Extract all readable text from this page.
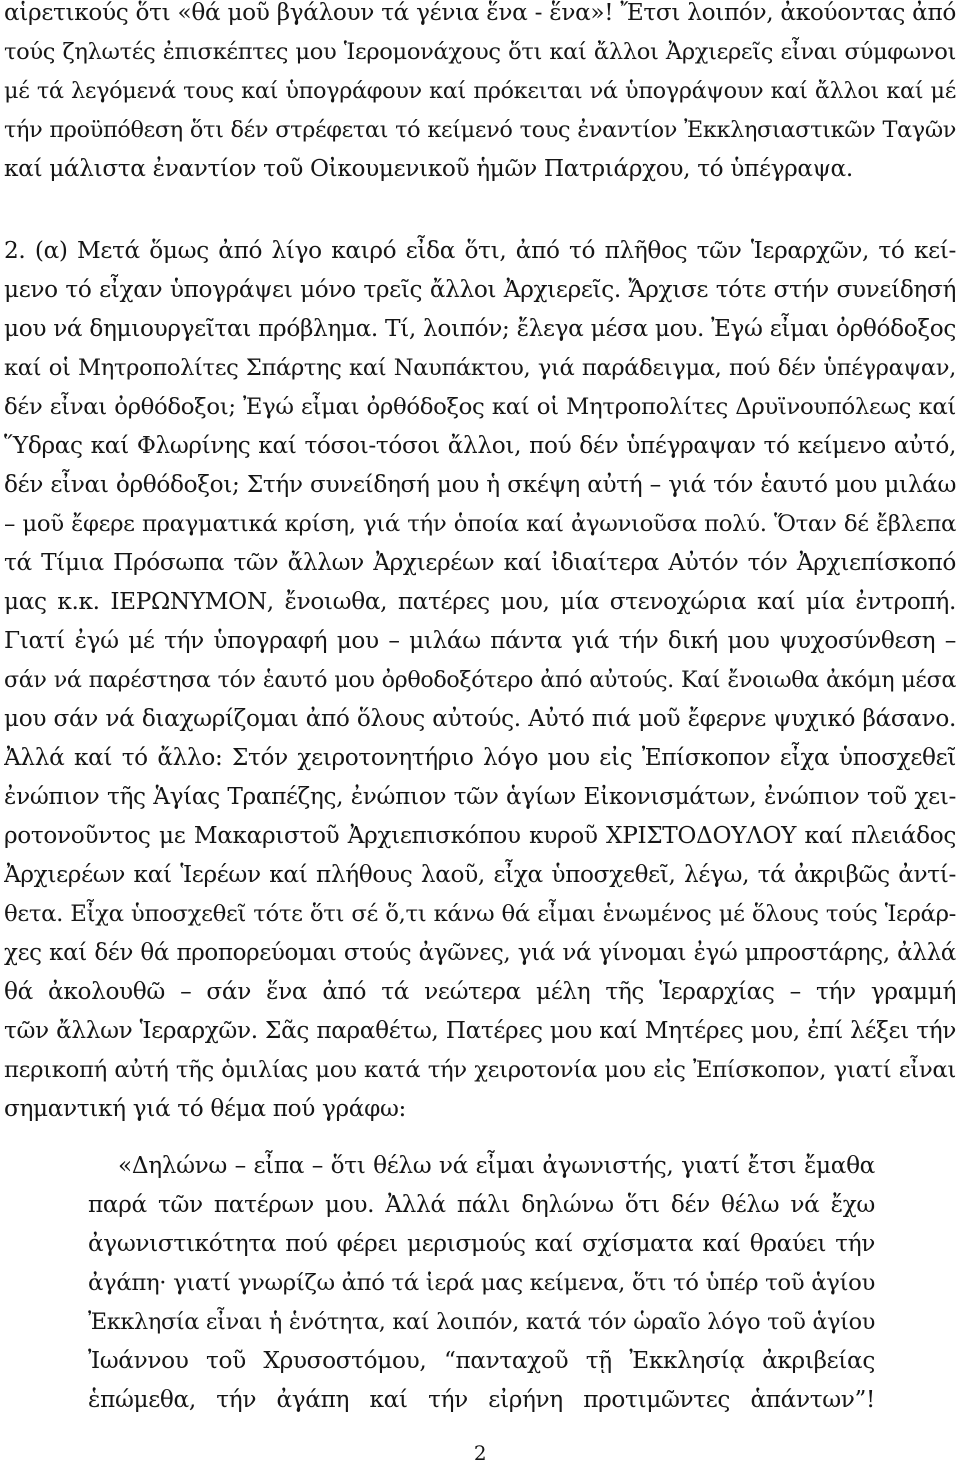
αἱρετικούς ὅτι «θά μοῦ βγάλουν τά γένια ἕνα - ἕνα»! Ἔτσι λοιπόν, ἀκούοντας ἀπό
τούς ζηλωτές ἐπισκέπτες μου Ἱερομονάχους ὅτι καί ἄλλοι Ἀρχιερεῖς εἶναι σύμφωνοι
μέ τά λεγόμενά τους καί ὑπογράφουν καί πρόκειται νά ὑπογράψουν καί ἄλλοι καί μέ
τήν προϋπόθεση ὅτι δέν στρέφεται τό κείμενό τους ἐναντίον Ἐκκλησιαστικῶν Ταγῶν
καί μάλιστα ἐναντίον τοῦ Οἰκουμενικοῦ ἡμῶν Πατριάρχου, τό ὑπέγραψα.
2. (α) Μετά ὅμως ἀπό λίγο καιρό εἶδα ὅτι, ἀπό τό πλῆθος τῶν Ἱεραρχῶν, τό κεί-
μενο τό εἶχαν ὑπογράψει μόνο τρεῖς ἄλλοι Ἀρχιερεῖς. Ἄρχισε τότε στήν συνείδησή
μου νά δημιουργεῖται πρόβλημα. Τί, λοιπόν; ἔλεγα μέσα μου. Ἐγώ εἶμαι ὀρθόδοξος
καί οἱ Μητροπολίτες Σπάρτης καί Ναυπάκτου, γιά παράδειγμα, πού δέν ὑπέγραψαν,
δέν εἶναι ὀρθόδοξοι; Ἐγώ εἶμαι ὀρθόδοξος καί οἱ Μητροπολίτες Δρυϊνουπόλεως καί
Ὕδρας καί Φλωρίνης καί τόσοι-τόσοι ἄλλοι, πού δέν ὑπέγραψαν τό κείμενο αὐτό,
δέν εἶναι ὀρθόδοξοι; Στήν συνείδησή μου ἡ σκέψη αὐτή – γιά τόν ἑαυτό μου μιλάω
– μοῦ ἔφερε πραγματικά κρίση, γιά τήν ὁποία καί ἀγωνιοῦσα πολύ. Ὅταν δέ ἔβλεπα
τά Τίμια Πρόσωπα τῶν ἄλλων Ἀρχιερέων καί ἰδιαίτερα Αὐτόν τόν Ἀρχιεπίσκοπό
μας κ.κ. ΙΕΡΩΝΥΜΟΝ, ἔνοιωθα, πατέρες μου, μία στενοχώρια καί μία ἐντροπή.
Γιατί ἐγώ μέ τήν ὑπογραφή μου – μιλάω πάντα γιά τήν δική μου ψυχοσύνθεση –
σάν νά παρέστησα τόν ἑαυτό μου ὀρθοδοξότερο ἀπό αὐτούς. Καί ἔνοιωθα ἀκόμη μέσα
μου σάν νά διαχωρίζομαι ἀπό ὅλους αὐτούς. Αὐτό πιά μοῦ ἔφερνε ψυχικό βάσανο.
Ἀλλά καί τό ἄλλο: Στόν χειροτονητήριο λόγο μου εἰς Ἐπίσκοπον εἶχα ὑποσχεθεῖ
ἐνώπιον τῆς Ἁγίας Τραπέζης, ἐνώπιον τῶν ἁγίων Εἰκονισμάτων, ἐνώπιον τοῦ χει-
ροτονοῦντος με Μακαριστοῦ Ἀρχιεπισκόπου κυροῦ ΧΡΙΣΤΟΔΟΥΛΟΥ καί πλειάδος
Ἀρχιερέων καί Ἱερέων καί πλήθους λαοῦ, εἶχα ὑποσχεθεῖ, λέγω, τά ἀκριβῶς ἀντί-
θετα. Εἶχα ὑποσχεθεῖ τότε ὅτι σέ ὅ,τι κάνω θά εἶμαι ἑνωμένος μέ ὅλους τούς Ἱεράρ-
χες καί δέν θά προπορεύομαι στούς ἀγῶνες, γιά νά γίνομαι ἐγώ μπροστάρης, ἀλλά
θά ἀκολουθῶ – σάν ἕνα ἀπό τά νεώτερα μέλη τῆς Ἱεραρχίας – τήν γραμμή
τῶν ἄλλων Ἱεραρχῶν. Σᾶς παραθέτω, Πατέρες μου καί Μητέρες μου, ἐπί λέξει τήν
περικοπή αὐτή τῆς ὁμιλίας μου κατά τήν χειροτονία μου εἰς Ἐπίσκοπον, γιατί εἶναι
σημαντική γιά τό θέμα πού γράφω:
«Δηλώνω – εἶπα – ὅτι θέλω νά εἶμαι ἀγωνιστής, γιατί ἔτσι ἔμαθα
παρά τῶν πατέρων μου. Ἀλλά πάλι δηλώνω ὅτι δέν θέλω νά ἔχω
ἀγωνιστικότητα πού φέρει μερισμούς καί σχίσματα καί θραύει τήν
ἀγάπη· γιατί γνωρίζω ἀπό τά ἱερά μας κείμενα, ὅτι τό ὑπέρ τοῦ ἁγίου
Ἐκκλησία εἶναι ἡ ἑνότητα, καί λοιπόν, κατά τόν ὡραῖο λόγο τοῦ ἁγίου
Ἰωάννου τοῦ Χρυσοστόμου, “πανταχοῦ τῇ Ἐκκλησίᾳ ἀκριβείας
ἑπώμεθα, τήν ἀγάπη καί τήν εἰρήνη προτιμῶντες ἁπάντων”!
2
